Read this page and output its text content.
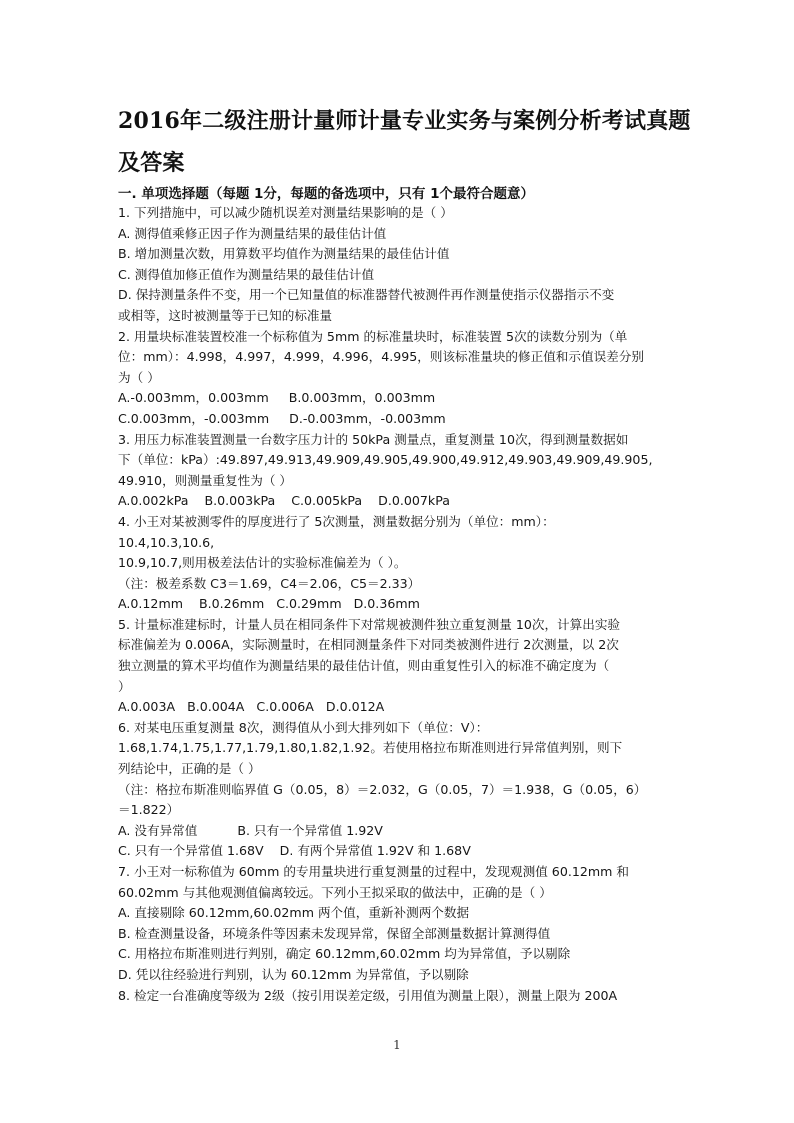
2016年二级注册计量师计量专业实务与案例分析考试真题
及答案
一. 单项选择题（每题 1分，每题的备选项中，只有 1个最符合题意）
1. 下列措施中，可以减少随机误差对测量结果影响的是（ ）
A. 测得值乘修正因子作为测量结果的最佳估计值
B. 增加测量次数，用算数平均值作为测量结果的最佳估计值
C. 测得值加修正值作为测量结果的最佳估计值
D. 保持测量条件不变，用一个已知量值的标准器替代被测件再作测量使指示仪器指示不变
或相等，这时被测量等于已知的标准量
2. 用量块标准装置校准一个标称值为 5mm 的标准量块时，标准装置 5次的读数分别为（单
位：mm）：4.998，4.997，4.999，4.996，4.995，则该标准量块的修正值和示值误差分别
为（ ）
A.-0.003mm，0.003mm     B.0.003mm，0.003mm
C.0.003mm，-0.003mm     D.-0.003mm，-0.003mm
3. 用压力标准装置测量一台数字压力计的 50kPa 测量点，重复测量 10次，得到测量数据如
下（单位：kPa）:49.897,49.913,49.909,49.905,49.900,49.912,49.903,49.909,49.905,
49.910，则测量重复性为（ ）
A.0.002kPa    B.0.003kPa    C.0.005kPa    D.0.007kPa
4. 小王对某被测零件的厚度进行了 5次测量，测量数据分别为（单位：mm）：
10.4,10.3,10.6,
10.9,10.7,则用极差法估计的实验标准偏差为（ ）。
（注：极差系数 C3＝1.69，C4＝2.06，C5＝2.33）
A.0.12mm    B.0.26mm   C.0.29mm   D.0.36mm
5. 计量标准建标时，计量人员在相同条件下对常规被测件独立重复测量 10次，计算出实验
标准偏差为 0.006A，实际测量时，在相同测量条件下对同类被测件进行 2次测量，以 2次
独立测量的算术平均值作为测量结果的最佳估计值，则由重复性引入的标准不确定度为（
）
A.0.003A   B.0.004A   C.0.006A   D.0.012A
6. 对某电压重复测量 8次，测得值从小到大排列如下（单位：V）：
1.68,1.74,1.75,1.77,1.79,1.80,1.82,1.92。若使用格拉布斯准则进行异常值判别，则下
列结论中，正确的是（ ）
（注：格拉布斯准则临界值 G（0.05，8）＝2.032，G（0.05，7）＝1.938，G（0.05，6）
＝1.822）
A. 没有异常值          B. 只有一个异常值 1.92V
C. 只有一个异常值 1.68V    D. 有两个异常值 1.92V 和 1.68V
7. 小王对一标称值为 60mm 的专用量块进行重复测量的过程中，发现观测值 60.12mm 和
60.02mm 与其他观测值偏离较远。下列小王拟采取的做法中，正确的是（ ）
A. 直接剔除 60.12mm,60.02mm 两个值，重新补测两个数据
B. 检查测量设备，环境条件等因素未发现异常，保留全部测量数据计算测得值
C. 用格拉布斯准则进行判别，确定 60.12mm,60.02mm 均为异常值，予以剔除
D. 凭以往经验进行判别，认为 60.12mm 为异常值，予以剔除
8. 检定一台准确度等级为 2级（按引用误差定级，引用值为测量上限），测量上限为 200A
1
